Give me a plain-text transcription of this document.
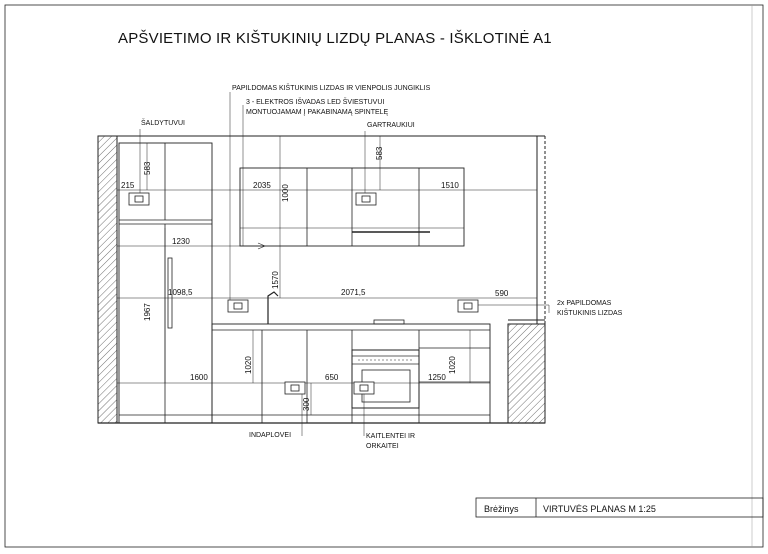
APŠVIETIMO IR KIŠTUKINIŲ LIZDŲ PLANAS - IŠKLOTINĖ A1
PAPILDOMAS KIŠTUKINIS LIZDAS IR VIENPOLIS JUNGIKLIS
3 - ELEKTROS IŠVADAS LED ŠVIESTUVUI
MONTUOJAMAM Į PAKABINAMĄ SPINTELĘ
ŠALDYTUVUI	GARTRAUKIUI
2x PAPILDOMAS
KIŠTUKINIS LIZDAS
INDAPLOVEI	KAITLENTEI IR
ORKAITEI
215
583
2035 1000
583
1510
1230
1570
1098,5	2071,5	590
1967
1600
1020
650	1250
1020
300
Brėžinys	VIRTUVĖS PLANAS M 1:25
